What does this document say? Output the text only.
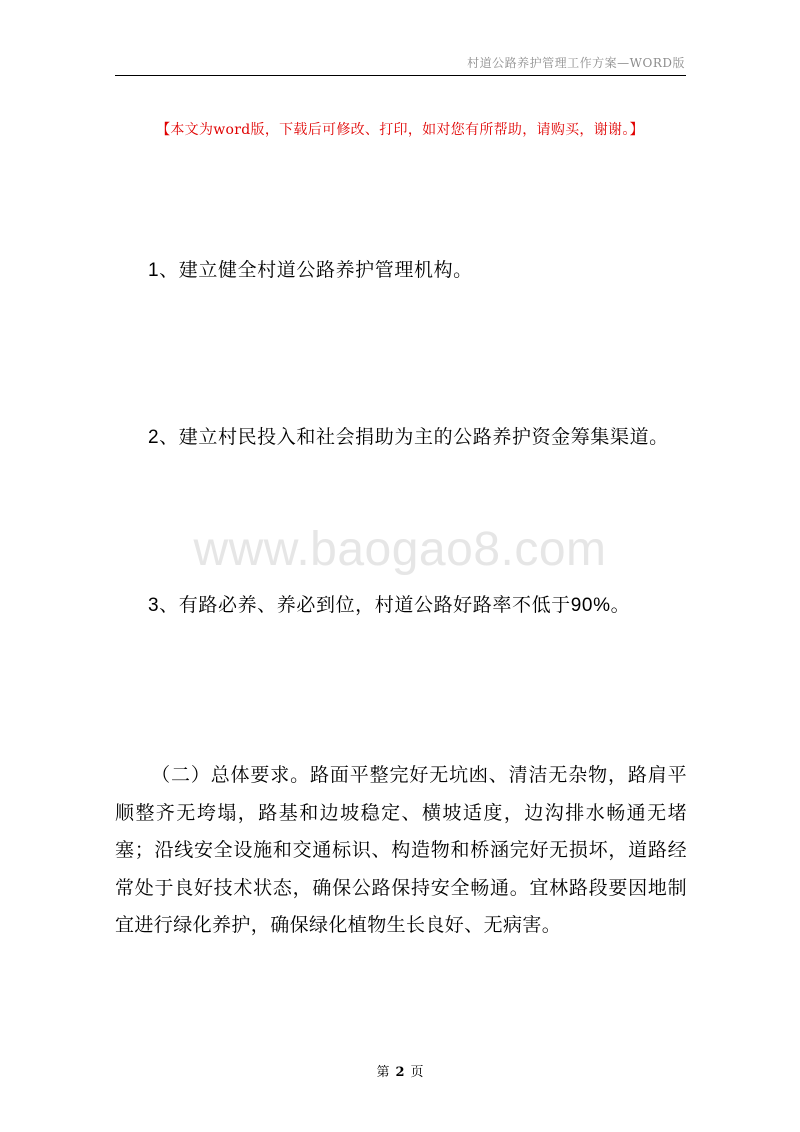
村道公路养护管理工作方案—WORD版
【本文为word版，下载后可修改、打印，如对您有所帮助，请购买，谢谢。】
1、建立健全村道公路养护管理机构。
2、建立村民投入和社会捐助为主的公路养护资金筹集渠道。
www.baogao8.com
3、有路必养、养必到位，村道公路好路率不低于90%。

（二）总体要求。路面平整完好无坑凼、清洁无杂物，路肩平顺整齐无垮塌，路基和边坡稳定、横坡适度，边沟排水畅通无堵塞；沿线安全设施和交通标识、构造物和桥涵完好无损坏，道路经常处于良好技术状态，确保公路保持安全畅通。宜林路段要因地制宜进行绿化养护，确保绿化植物生长良好、无病害。

第 2 页
